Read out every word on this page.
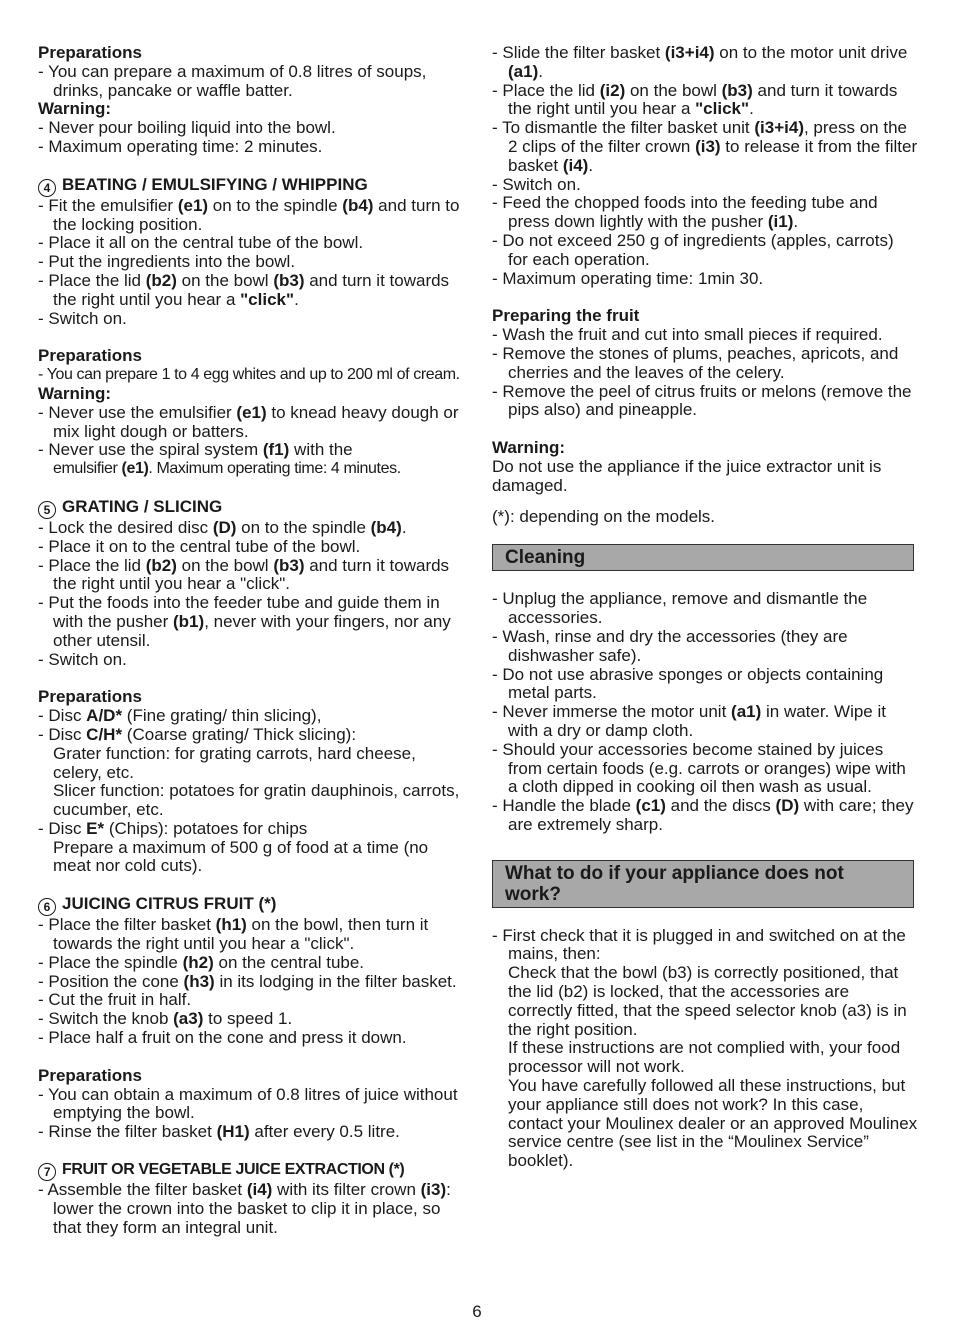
Preparations

- You can prepare a maximum of 0.8 litres of soups, drinks, pancake or waffle batter.

Warning:

- Never pour boiling liquid into the bowl.

- Maximum operating time: 2 minutes.

4 BEATING / EMULSIFYING / WHIPPING

- Fit the emulsifier (e1) on to the spindle (b4) and turn to the locking position.

- Place it all on the central tube of the bowl.

- Put the ingredients into the bowl.

- Place the lid (b2) on the bowl (b3) and turn it towards the right until you hear a "click".

- Switch on.

Preparations

- You can prepare 1 to 4 egg whites and up to 200 ml of cream.

Warning:

- Never use the emulsifier (e1) to knead heavy dough or mix light dough or batters.

- Never use the spiral system (f1) with the

emulsifier (e1). Maximum operating time: 4 minutes.

5 GRATING / SLICING

- Lock the desired disc (D) on to the spindle (b4).

- Place it on to the central tube of the bowl.

- Place the lid (b2) on the bowl (b3) and turn it towards the right until you hear a "click".

- Put the foods into the feeder tube and guide them in with the pusher (b1), never with your fingers, nor any other utensil.

- Switch on.

Preparations

- Disc A/D* (Fine grating/ thin slicing),

- Disc C/H* (Coarse grating/ Thick slicing):

Grater function: for grating carrots, hard cheese, celery, etc.

Slicer function: potatoes for gratin dauphinois, carrots, cucumber, etc.

- Disc E* (Chips): potatoes for chips

Prepare a maximum of 500 g of food at a time (no meat nor cold cuts).

6 JUICING CITRUS FRUIT (*)

- Place the filter basket (h1) on the bowl, then turn it towards the right until you hear a "click".

- Place the spindle (h2) on the central tube.

- Position the cone (h3) in its lodging in the filter basket.

- Cut the fruit in half.

- Switch the knob (a3) to speed 1.

- Place half a fruit on the cone and press it down.

Preparations

- You can obtain a maximum of 0.8 litres of juice without emptying the bowl.

- Rinse the filter basket (H1) after every 0.5 litre.

7 FRUIT OR VEGETABLE JUICE EXTRACTION (*)

- Assemble the filter basket (i4) with its filter crown (i3): lower the crown into the basket to clip it in place, so that they form an integral unit.

- Slide the filter basket (i3+i4) on to the motor unit drive (a1).

- Place the lid (i2) on the bowl (b3) and turn it towards the right until you hear a "click".

- To dismantle the filter basket unit (i3+i4), press on the 2 clips of the filter crown (i3) to release it from the filter basket (i4).

- Switch on.

- Feed the chopped foods into the feeding tube and press down lightly with the pusher (i1).

- Do not exceed 250 g of ingredients (apples, carrots) for each operation.

- Maximum operating time: 1min 30.

Preparing the fruit

- Wash the fruit and cut into small pieces if required.

- Remove the stones of plums, peaches, apricots, and cherries and the leaves of the celery.

- Remove the peel of citrus fruits or melons (remove the pips also) and pineapple.

Warning:

Do not use the appliance if the juice extractor unit is damaged.

(*): depending on the models.

Cleaning

- Unplug the appliance, remove and dismantle the accessories.

- Wash, rinse and dry the accessories (they are dishwasher safe).

- Do not use abrasive sponges or objects containing metal parts.

- Never immerse the motor unit (a1) in water. Wipe it with a dry or damp cloth.

- Should your accessories become stained by juices from certain foods (e.g. carrots or oranges) wipe with a cloth dipped in cooking oil then wash as usual.

- Handle the blade (c1) and the discs (D) with care; they are extremely sharp.

What to do if your appliance does not work?

- First check that it is plugged in and switched on at the mains, then:

Check that the bowl (b3) is correctly positioned, that the lid (b2) is locked, that the accessories are correctly fitted, that the speed selector knob (a3) is in the right position.

If these instructions are not complied with, your food processor will not work.

You have carefully followed all these instructions, but your appliance still does not work? In this case, contact your Moulinex dealer or an approved Moulinex service centre (see list in the “Moulinex Service” booklet).

6
